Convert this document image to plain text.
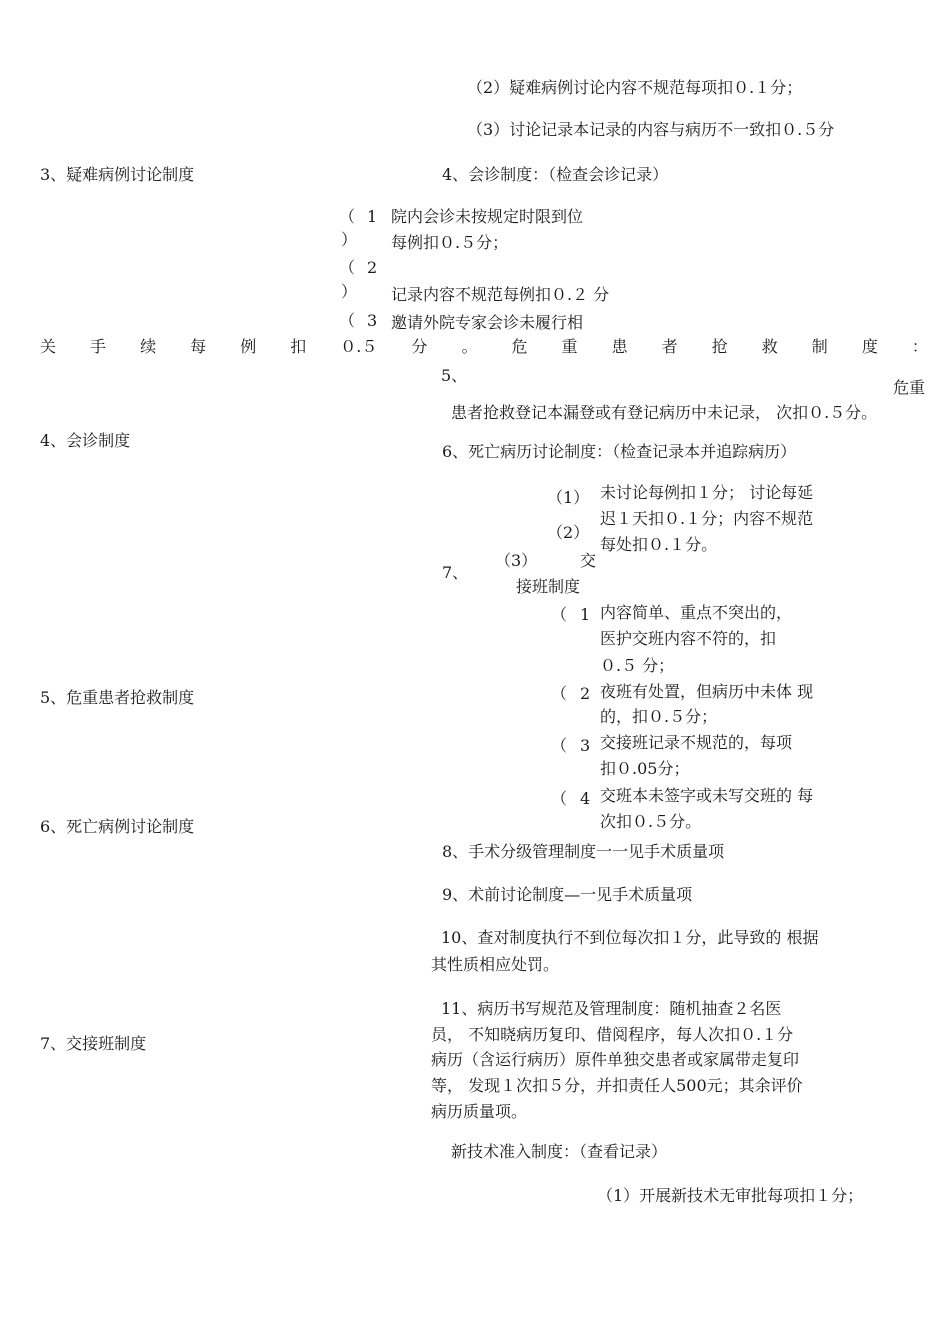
3、疑难病例讨论制度
4、会诊制度
5、危重患者抢救制度
6、死亡病例讨论制度
7、交接班制度
（2）疑难病例讨论内容不规范每项扣０.１分；
（3）讨论记录本记录的内容与病历不一致扣０.５分
4、会诊制度：（检查会诊记录）
（ 1
）
（ 2
）
（ 3
院内会诊未按规定时限到位
每例扣０.５分；
记录内容不规范每例扣０.２ 分
邀请外院专家会诊未履行相
关 手 续 每 例 扣 ０.５ 分 。 危 重 患 者 抢 救 制 度 ：
5、
危重
患者抢救登记本漏登或有登记病历中未记录， 次扣０.５分。
6、死亡病历讨论制度：（检查记录本并追踪病历）
（1）
（2）
未讨论每例扣１分； 讨论每延
迟１天扣０.１分；内容不规范
每处扣０.１分。
7、
（3）	交
接班制度
（ 1 内容简单、重点不突出的，
医护交班内容不符的，扣
０.５ 分；
（ 2 夜班有处置，但病历中未体 现
的，扣０.５分；
（ 3 交接班记录不规范的，每项
扣０.05分；
（ 4 交班本未签字或未写交班的 每
次扣０.５分。
8、手术分级管理制度一一见手术质量项
9、术前讨论制度—一见手术质量项
10、查对制度执行不到位每次扣１分，此导致的 根据
其性质相应处罚。
11、病历书写规范及管理制度：随机抽查２名医
员， 不知晓病历复印、借阅程序，每人次扣０.１分
病历（含运行病历）原件单独交患者或家属带走复印
等， 发现１次扣５分，并扣责任人500元；其余评价
病历质量项。
新技术准入制度：（查看记录）
（1）开展新技术无审批每项扣１分；
